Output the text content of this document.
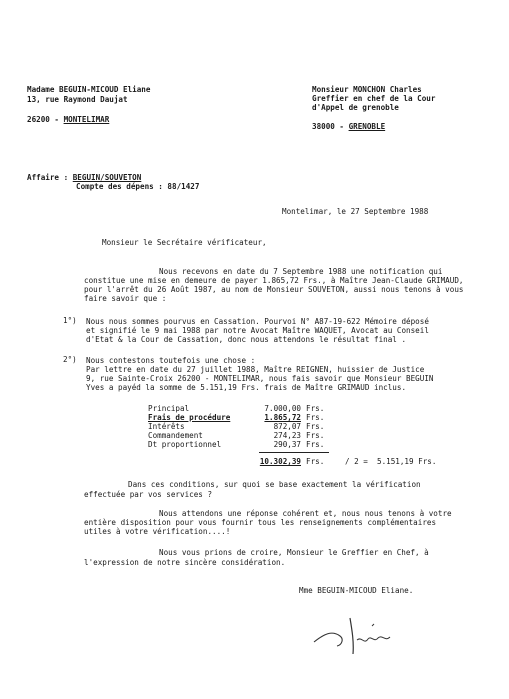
Madame BEGUIN-MICOUD Eliane
13, rue Raymond Daujat
26200 - MONTELIMAR
Monsieur MONCHON Charles
Greffier en chef de la Cour
d'Appel de grenoble
38000 - GRENOBLE
Affaire : BEGUIN/SOUVETON
Compte des dépens : 88/1427
Montelimar, le 27 Septembre 1988
Monsieur le Secrétaire vérificateur,
Nous recevons en date du 7 Septembre 1988 une notification qui
constitue une mise en demeure de payer 1.865,72 Frs., à Maître Jean-Claude GRIMAUD,
pour l'arrêt du 26 Août 1987, au nom de Monsieur SOUVETON, aussi nous tenons à vous
faire savoir que :
1°) Nous nous sommes pourvus en Cassation. Pourvoi N° A87-19-622 Mémoire déposé
et signifié le 9 mai 1988 par notre Avocat Maître WAQUET, Avocat au Conseil
d'Etat & la Cour de Cassation, donc nous attendons le résultat final .
2°) Nous contestons toutefois une chose :
Par lettre en date du 27 juillet 1988, Maître REIGNEN, huissier de Justice
9, rue Sainte-Croix 26200 - MONTELIMAR, nous fais savoir que Monsieur BEGUIN
Yves a payéd la somme de 5.151,19 Frs. frais de Maître GRIMAUD inclus.
Principal	7.000,00 Frs.
Frais de procédure	1.865,72 Frs.
Intérêts	872,07 Frs.
Commandement	274,23 Frs.
Dt proportionnel	290,37 Frs.
10.302,39 Frs.	/ 2 =  5.151,19 Frs.
Dans ces conditions, sur quoi se base exactement la vérification
effectuée par vos services ?
Nous attendons une réponse cohérent et, nous nous tenons à votre
entière disposition pour vous fournir tous les renseignements complémentaires
utiles à votre vérification....!
Nous vous prions de croire, Monsieur le Greffier en Chef, à
l'expression de notre sincère considération.
Mme BEGUIN-MICOUD Eliane.
